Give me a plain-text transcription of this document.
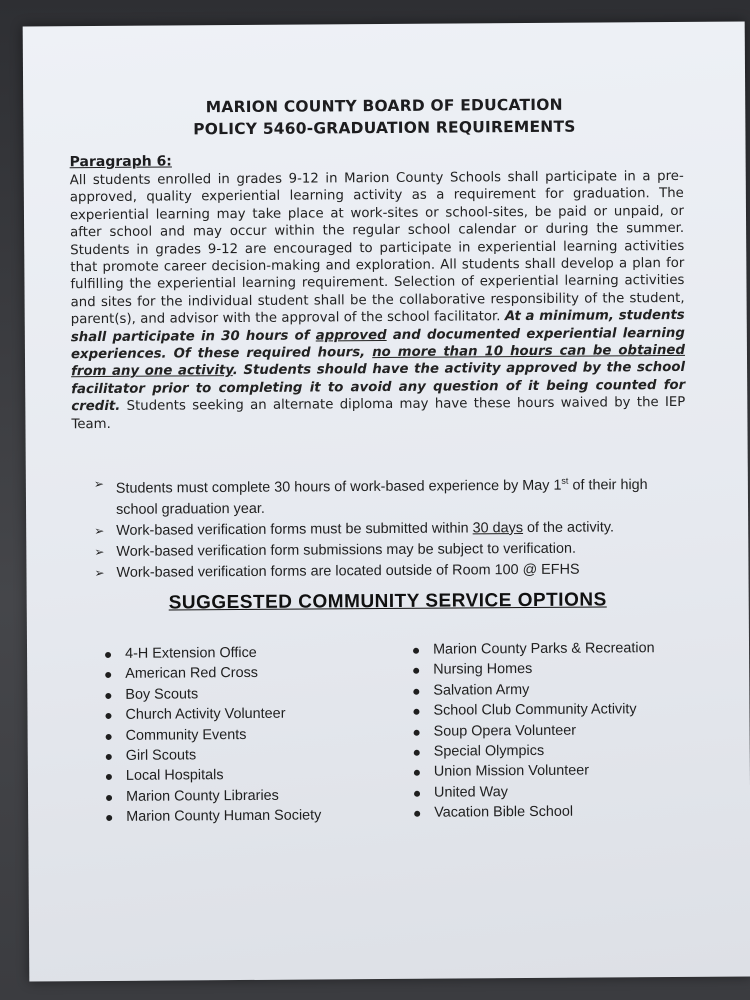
MARION COUNTY BOARD OF EDUCATION
POLICY 5460-GRADUATION REQUIREMENTS
Paragraph 6:
All students enrolled in grades 9-12 in Marion County Schools shall participate in a pre-approved, quality experiential learning activity as a requirement for graduation. The experiential learning may take place at work-sites or school-sites, be paid or unpaid, or after school and may occur within the regular school calendar or during the summer. Students in grades 9-12 are encouraged to participate in experiential learning activities that promote career decision-making and exploration. All students shall develop a plan for fulfilling the experiential learning requirement. Selection of experiential learning activities and sites for the individual student shall be the collaborative responsibility of the student, parent(s), and advisor with the approval of the school facilitator. At a minimum, students shall participate in 30 hours of approved and documented experiential learning experiences. Of these required hours, no more than 10 hours can be obtained from any one activity. Students should have the activity approved by the school facilitator prior to completing it to avoid any question of it being counted for credit. Students seeking an alternate diploma may have these hours waived by the IEP Team.
➢ Students must complete 30 hours of work-based experience by May 1st of their high school graduation year.
➢ Work-based verification forms must be submitted within 30 days of the activity.
➢ Work-based verification form submissions may be subject to verification.
➢ Work-based verification forms are located outside of Room 100 @ EFHS
SUGGESTED COMMUNITY SERVICE OPTIONS
4-H Extension Office
American Red Cross
Boy Scouts
Church Activity Volunteer
Community Events
Girl Scouts
Local Hospitals
Marion County Libraries
Marion County Human Society
Marion County Parks & Recreation
Nursing Homes
Salvation Army
School Club Community Activity
Soup Opera Volunteer
Special Olympics
Union Mission Volunteer
United Way
Vacation Bible School
